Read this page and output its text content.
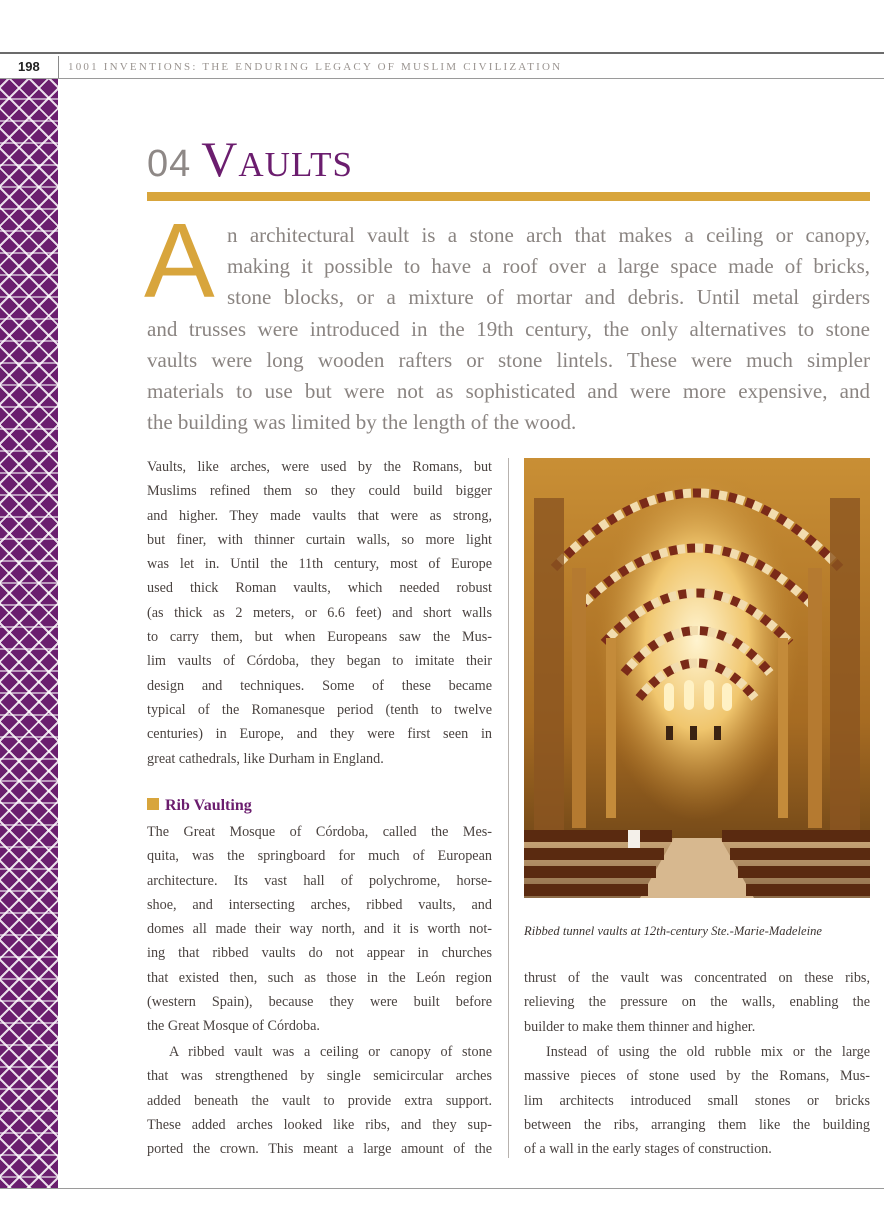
198	1001 INVENTIONS: THE ENDURING LEGACY OF MUSLIM CIVILIZATION
04 Vaults
A n architectural vault is a stone arch that makes a ceiling or canopy,
making it possible to have a roof over a large space made of bricks,
stone blocks, or a mixture of mortar and debris. Until metal girders
and trusses were introduced in the 19th century, the only alternatives to stone
vaults were long wooden rafters or stone lintels. These were much simpler
materials to use but were not as sophisticated and were more expensive, and
the building was limited by the length of the wood.
Vaults, like arches, were used by the Romans, but
Muslims refined them so they could build bigger
and higher. They made vaults that were as strong,
but finer, with thinner curtain walls, so more light
was let in. Until the 11th century, most of Europe
used thick Roman vaults, which needed robust
(as thick as 2 meters, or 6.6 feet) and short walls
to carry them, but when Europeans saw the Mus-
lim vaults of Córdoba, they began to imitate their
design and techniques. Some of these became
typical of the Romanesque period (tenth to twelve
centuries) in Europe, and they were first seen in
great cathedrals, like Durham in England.
Rib Vaulting
The Great Mosque of Córdoba, called the Mes-
quita, was the springboard for much of European
architecture. Its vast hall of polychrome, horse-
shoe, and intersecting arches, ribbed vaults, and
domes all made their way north, and it is worth not-
ing that ribbed vaults do not appear in churches
that existed then, such as those in the León region
(western Spain), because they were built before
the Great Mosque of Córdoba.
A ribbed vault was a ceiling or canopy of stone
that was strengthened by single semicircular arches
added beneath the vault to provide extra support.
These added arches looked like ribs, and they sup-
ported the crown. This meant a large amount of the
Ribbed tunnel vaults at 12th-century Ste.-Marie-Madeleine
thrust of the vault was concentrated on these ribs,
relieving the pressure on the walls, enabling the
builder to make them thinner and higher.
Instead of using the old rubble mix or the large
massive pieces of stone used by the Romans, Mus-
lim architects introduced small stones or bricks
between the ribs, arranging them like the building
of a wall in the early stages of construction.
